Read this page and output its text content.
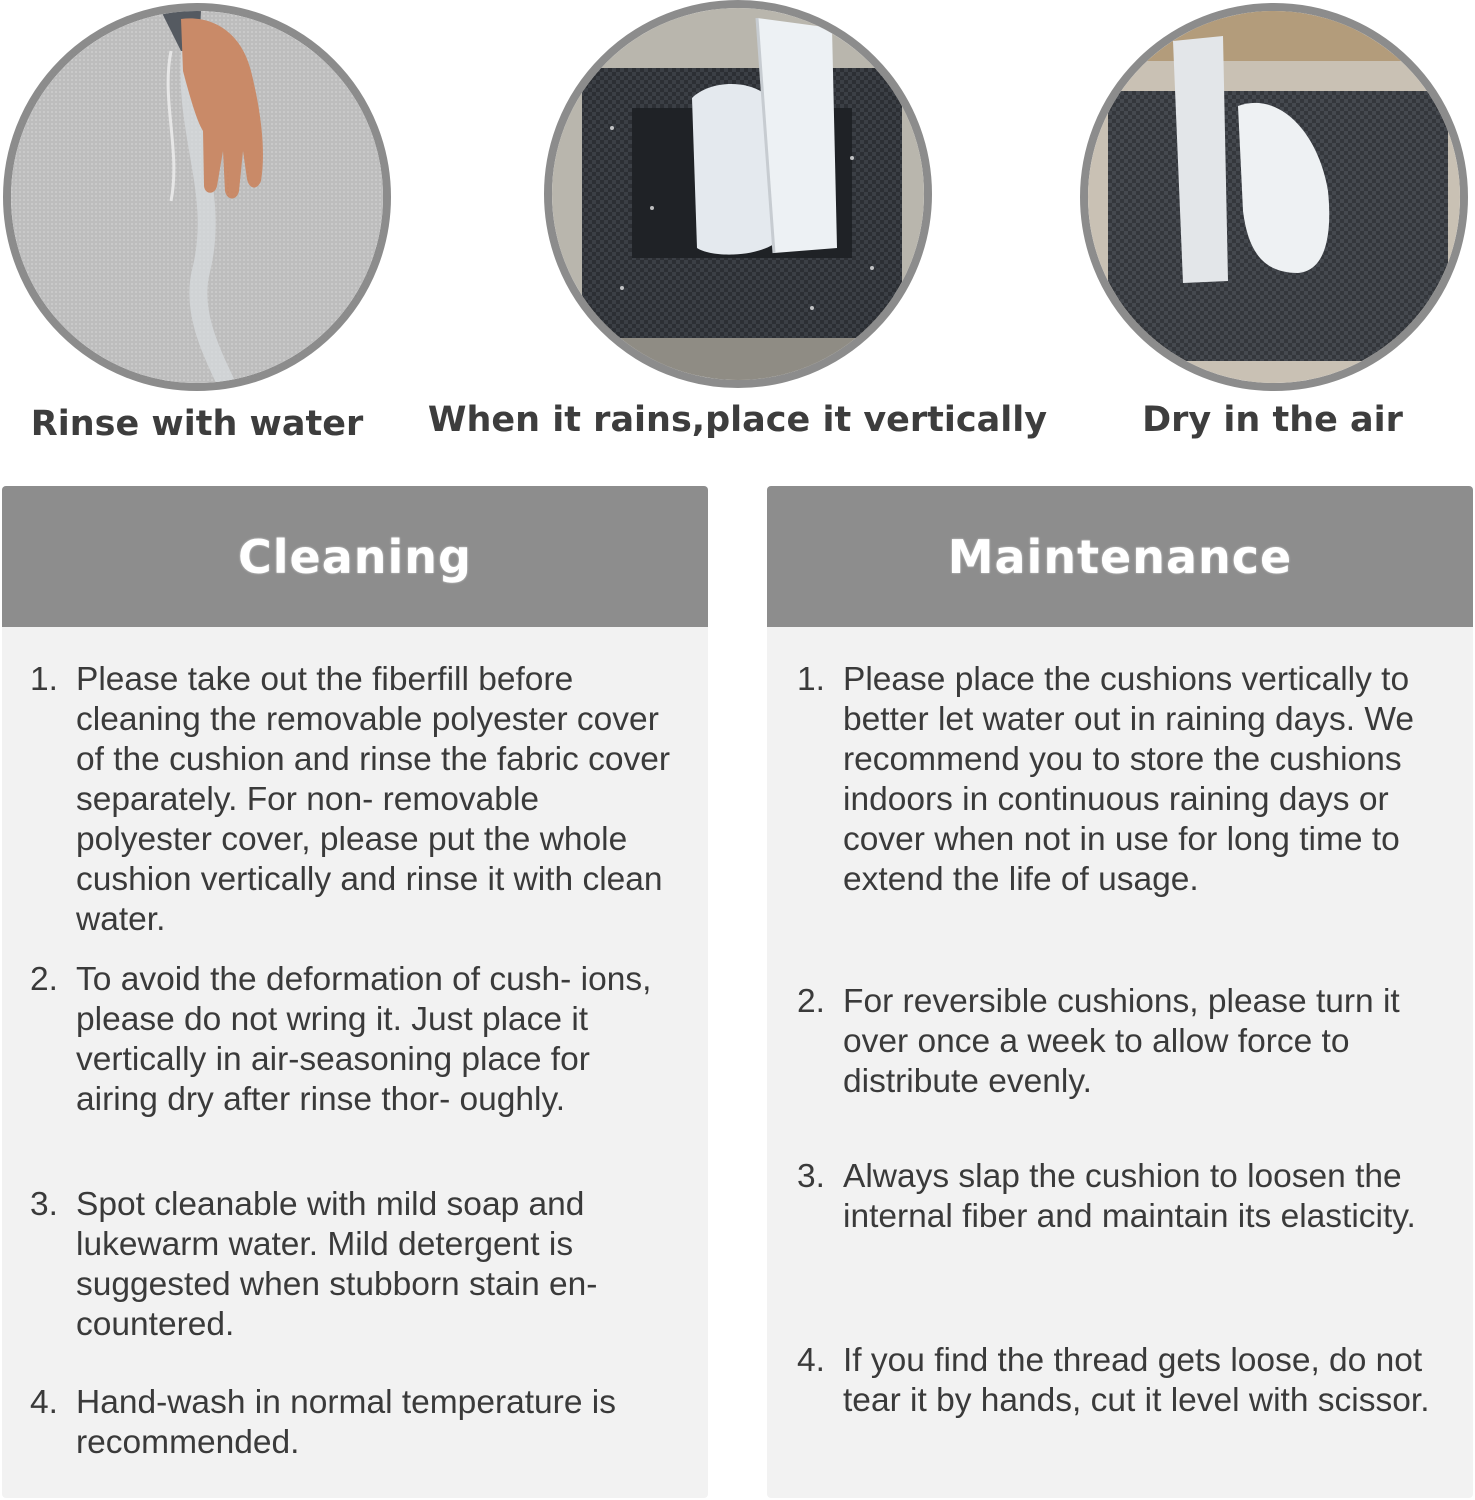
Rinse with water	When it rains,place it vertically	Dry in the air
Cleaning
1. Please take out the fiberfill before cleaning the removable polyester cover of the cushion and rinse the fabric cover separately. For non- removable polyester cover, please put the whole cushion vertically and rinse it with clean water.
2. To avoid the deformation of cush- ions, please do not wring it. Just place it vertically in air-seasoning place for airing dry after rinse thor- oughly.
3. Spot cleanable with mild soap and lukewarm water. Mild detergent is suggested when stubborn stain en- countered.
4. Hand-wash in normal temperature is recommended.
Maintenance
1. Please place the cushions vertically to better let water out in raining days. We recommend you to store the cushions indoors in continuous raining days or cover when not in use for long time to extend the life of usage.
2. For reversible cushions, please turn it over once a week to allow force to distribute evenly.
3. Always slap the cushion to loosen the internal fiber and maintain its elasticity.
4. If you find the thread gets loose, do not tear it by hands, cut it level with scissor.
